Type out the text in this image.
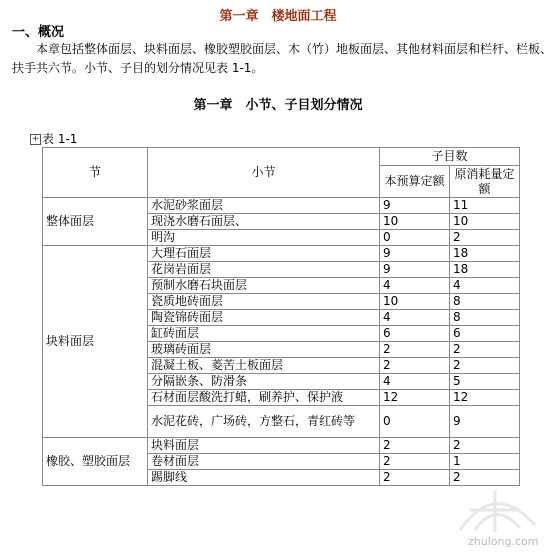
第一章　楼地面工程
一、概况
本章包括整体面层、块料面层、橡胶塑胶面层、木（竹）地板面层、其他材料面层和栏杆、栏板、扶手共六节。小节、子目的划分情况见表 1-1。
第一章　小节、子目划分情况
+ 表 1-1
节	小节	子目数	
		本预算定额	原消耗量定额
整体面层	水泥砂浆面层	9	11
	现浇水磨石面层、	10	10
	明沟	0	2
块料面层	大理石面层	9	18
	花岗岩面层	9	18
	预制水磨石块面层	4	4
	瓷质地砖面层	10	8
	陶瓷锦砖面层	4	8
	缸砖面层	6	6
	玻璃砖面层	2	2
	混凝土板、菱苦土板面层	2	2
	分隔嵌条、防滑条	4	5
	石材面层酸洗打蜡，刷养护、保护液	12	12
	水泥花砖，广场砖，方整石，青红砖等	0	9
橡胶、塑胶面层	块料面层	2	2
	卷材面层	2	1
	踢脚线	2	2
zhulong.com
